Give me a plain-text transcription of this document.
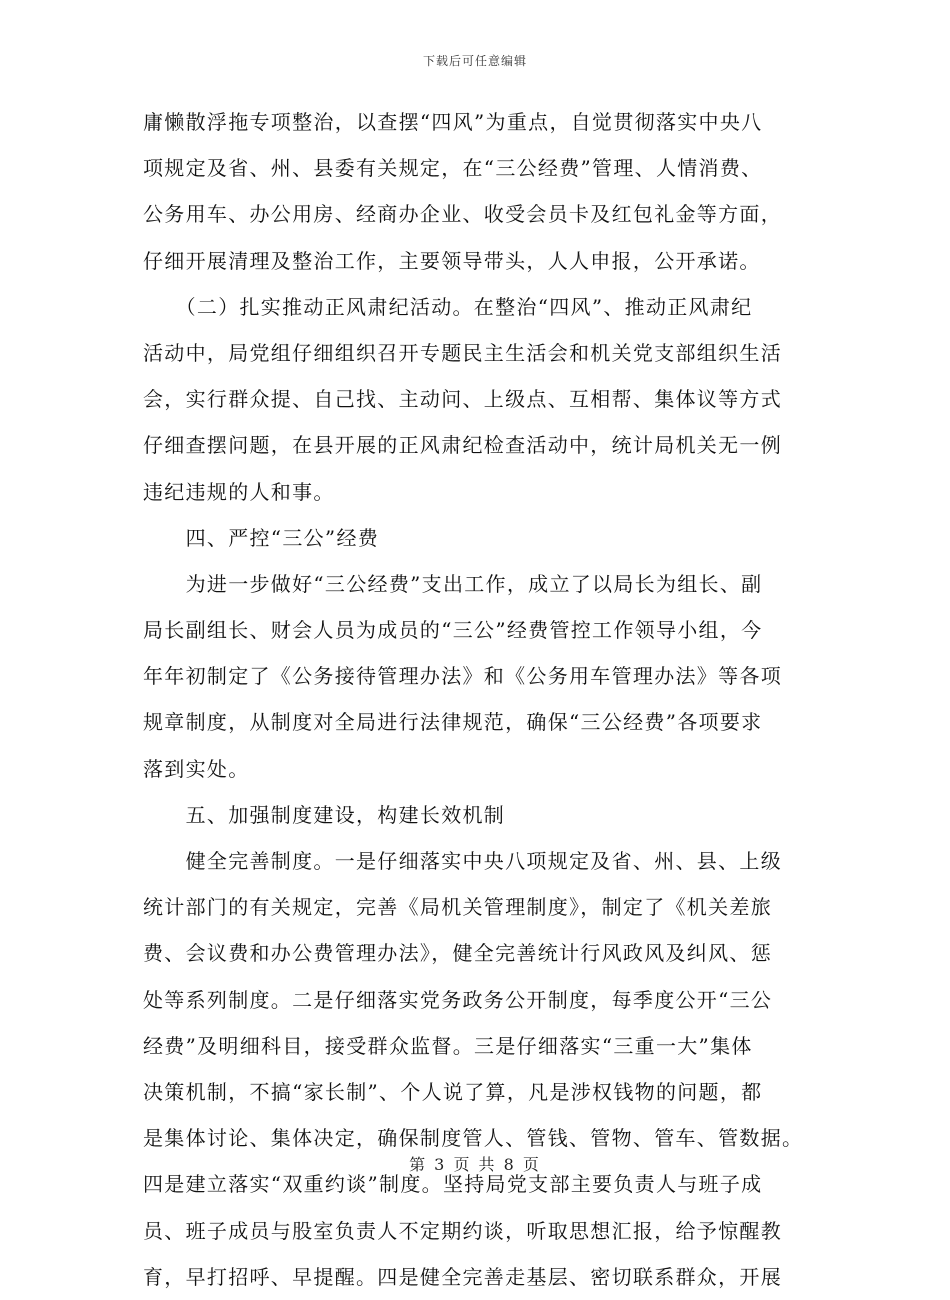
下载后可任意编辑
庸懒散浮拖专项整治，以查摆“四风”为重点，自觉贯彻落实中央八
项规定及省、州、县委有关规定，在“三公经费”管理、人情消费、
公务用车、办公用房、经商办企业、收受会员卡及红包礼金等方面，
仔细开展清理及整治工作，主要领导带头，人人申报，公开承诺。
　　（二）扎实推动正风肃纪活动。在整治“四风”、推动正风肃纪
活动中，局党组仔细组织召开专题民主生活会和机关党支部组织生活
会，实行群众提、自己找、主动问、上级点、互相帮、集体议等方式
仔细查摆问题，在县开展的正风肃纪检查活动中，统计局机关无一例
违纪违规的人和事。
　　四、严控“三公”经费
　　为进一步做好“三公经费”支出工作，成立了以局长为组长、副
局长副组长、财会人员为成员的“三公”经费管控工作领导小组，今
年年初制定了《公务接待管理办法》和《公务用车管理办法》等各项
规章制度，从制度对全局进行法律规范，确保“三公经费”各项要求
落到实处。
　　五、加强制度建设，构建长效机制
　　健全完善制度。一是仔细落实中央八项规定及省、州、县、上级
统计部门的有关规定，完善《局机关管理制度》，制定了《机关差旅
费、会议费和办公费管理办法》，健全完善统计行风政风及纠风、惩
处等系列制度。二是仔细落实党务政务公开制度，每季度公开“三公
经费”及明细科目，接受群众监督。三是仔细落实“三重一大”集体
决策机制，不搞“家长制”、个人说了算，凡是涉权钱物的问题，都
是集体讨论、集体决定，确保制度管人、管钱、管物、管车、管数据。
四是建立落实“双重约谈”制度。坚持局党支部主要负责人与班子成
员、班子成员与股室负责人不定期约谈，听取思想汇报，给予惊醒教
育，早打招呼、早提醒。四是健全完善走基层、密切联系群众，开展
第 3 页 共 8 页
